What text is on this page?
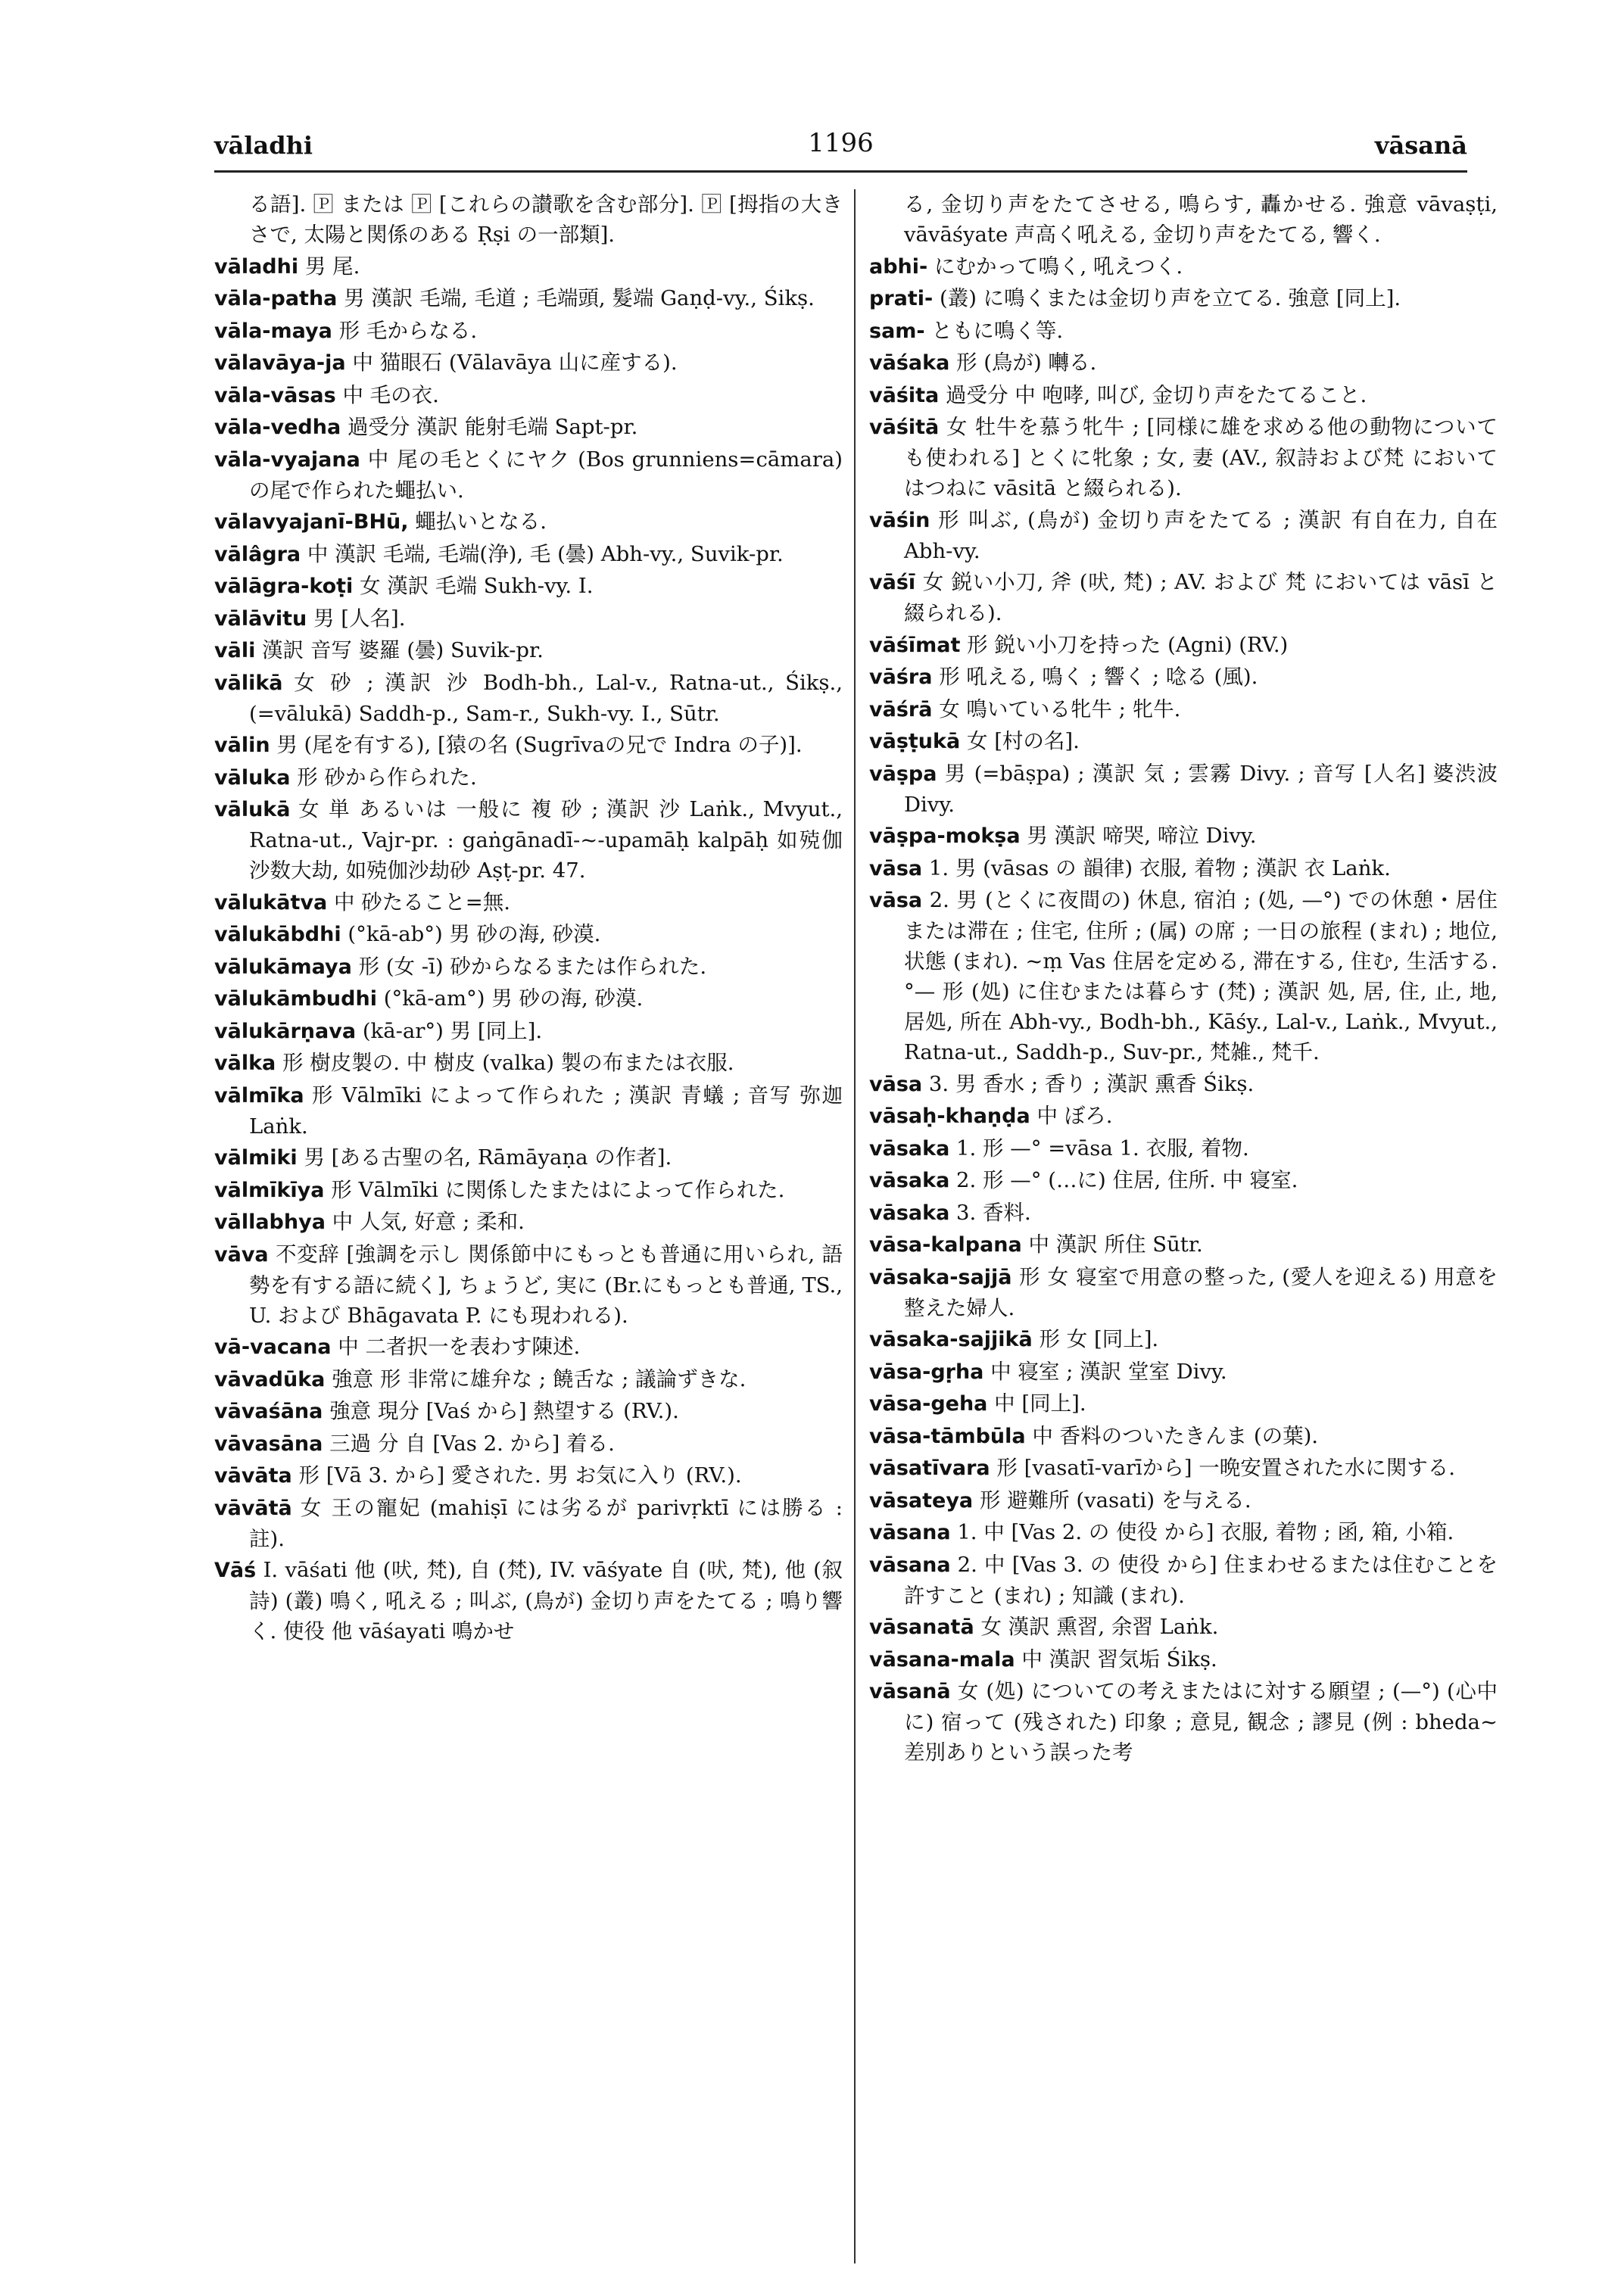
vāladhi	1196	vāsanā

る語]. 🄿 または 🄿 [これらの讃歌を含む部分]. 🄿 [拇指の大きさで, 太陽と関係のある Ṛṣi の一部類].

vāladhi 男 尾.

vāla-patha 男 漢訳 毛端, 毛道 ; 毛端頭, 髮端 Gaṇḍ-vy., Śikṣ.

vāla-maya 形 毛からなる.

vālavāya-ja 中 猫眼石 (Vālavāya 山に産する).

vāla-vāsas 中 毛の衣.

vāla-vedha 過受分 漢訳 能射毛端 Sapt-pr.

vāla-vyajana 中 尾の毛とくにヤク (Bos grunniens=cāmara) の尾で作られた蠅払い.

vālavyajanī-BHū, 蠅払いとなる.

vālâgra 中 漢訳 毛端, 毛端(浄), 毛 (曇) Abh-vy., Suvik-pr.

vālāgra-koṭi 女 漢訳 毛端 Sukh-vy. I.

vālāvitu 男 [人名].

vāli 漢訳 音写 婆羅 (曇) Suvik-pr.

vālikā 女 砂 ; 漢訳 沙 Bodh-bh., Lal-v., Ratna-ut., Śikṣ., (=vālukā) Saddh-p., Sam-r., Sukh-vy. I., Sūtr.

vālin 男 (尾を有する), [猿の名 (Sugrīvaの兄で Indra の子)].

vāluka 形 砂から作られた.

vālukā 女 単 あるいは 一般に 複 砂 ; 漢訳 沙 Laṅk., Mvyut., Ratna-ut., Vajr-pr. : gaṅgānadī-~-upamāḥ kalpāḥ 如殑伽沙数大劫, 如殑伽沙劫砂 Aṣṭ-pr. 47.

vālukātva 中 砂たること=無.

vālukābdhi (°kā-ab°) 男 砂の海, 砂漠.

vālukāmaya 形 (女 -ī) 砂からなるまたは作られた.

vālukāmbudhi (°kā-am°) 男 砂の海, 砂漠.

vālukārṇava (kā-ar°) 男 [同上].

vālka 形 樹皮製の. 中 樹皮 (valka) 製の布または衣服.

vālmīka 形 Vālmīki によって作られた ; 漢訳 青蟻 ; 音写 弥迦 Laṅk.

vālmiki 男 [ある古聖の名, Rāmāyaṇa の作者].

vālmīkīya 形 Vālmīki に関係したまたはによって作られた.

vāllabhya 中 人気, 好意 ; 柔和.

vāva 不変辞 [強調を示し 関係節中にもっとも普通に用いられ, 語勢を有する語に続く], ちょうど, 実に (Br.にもっとも普通, TS., U. および Bhāgavata P. にも現われる).

vā-vacana 中 二者択一を表わす陳述.

vāvadūka 強意 形 非常に雄弁な ; 饒舌な ; 議論ずきな.

vāvaśāna 強意 現分 [Vaś から] 熱望する (RV.).

vāvasāna 三過 分 自 [Vas 2. から] 着る.

vāvāta 形 [Vā 3. から] 愛された. 男 お気に入り (RV.).

vāvātā 女 王の寵妃 (mahiṣī には劣るが parivṛktī には勝る : 註).

Vāś I. vāśati 他 (吠, 梵), 自 (梵), IV. vāśyate 自 (吠, 梵), 他 (叙詩) (叢) 鳴く, 吼える ; 叫ぶ, (鳥が) 金切り声をたてる ; 鳴り響く. 使役 他 vāśayati 鳴かせ

る, 金切り声をたてさせる, 鳴らす, 轟かせる. 強意 vāvaṣṭi, vāvāśyate 声高く吼える, 金切り声をたてる, 響く.

abhi- にむかって鳴く, 吼えつく.

prati- (叢) に鳴くまたは金切り声を立てる. 強意 [同上].

sam- ともに鳴く等.

vāśaka 形 (鳥が) 囀る.

vāśita 過受分 中 咆哮, 叫び, 金切り声をたてること.

vāśitā 女 牡牛を慕う牝牛 ; [同様に雄を求める他の動物についても使われる] とくに牝象 ; 女, 妻 (AV., 叙詩および梵 においてはつねに vāsitā と綴られる).

vāśin 形 叫ぶ, (鳥が) 金切り声をたてる ; 漢訳 有自在力, 自在 Abh-vy.

vāśī 女 鋭い小刀, 斧 (吠, 梵) ; AV. および 梵 においては vāsī と綴られる).

vāśīmat 形 鋭い小刀を持った (Agni) (RV.)

vāśra 形 吼える, 鳴く ; 響く ; 唸る (風).

vāśrā 女 鳴いている牝牛 ; 牝牛.

vāṣṭukā 女 [村の名].

vāṣpa 男 (=bāṣpa) ; 漢訳 気 ; 雲霧 Divy. ; 音写 [人名] 婆渋波 Divy.

vāṣpa-mokṣa 男 漢訳 啼哭, 啼泣 Divy.

vāsa 1. 男 (vāsas の 韻律) 衣服, 着物 ; 漢訳 衣 Laṅk.

vāsa 2. 男 (とくに夜間の) 休息, 宿泊 ; (処, —°) での休憩・居住または滞在 ; 住宅, 住所 ; (属) の席 ; 一日の旅程 (まれ) ; 地位, 状態 (まれ). ~ṃ Vas 住居を定める, 滞在する, 住む, 生活する. °— 形 (処) に住むまたは暮らす (梵) ; 漢訳 処, 居, 住, 止, 地, 居処, 所在 Abh-vy., Bodh-bh., Kāśy., Lal-v., Laṅk., Mvyut., Ratna-ut., Saddh-p., Suv-pr., 梵雑., 梵千.

vāsa 3. 男 香水 ; 香り ; 漢訳 熏香 Śikṣ.

vāsaḥ-khaṇḍa 中 ぼろ.

vāsaka 1. 形 —° =vāsa 1. 衣服, 着物.

vāsaka 2. 形 —° (…に) 住居, 住所. 中 寝室.

vāsaka 3. 香料.

vāsa-kalpana 中 漢訳 所住 Sūtr.

vāsaka-sajjā 形 女 寝室で用意の整った, (愛人を迎える) 用意を整えた婦人.

vāsaka-sajjikā 形 女 [同上].

vāsa-gṛha 中 寝室 ; 漢訳 堂室 Divy.

vāsa-geha 中 [同上].

vāsa-tāmbūla 中 香料のついたきんま (の葉).

vāsatīvara 形 [vasatī-varīから] 一晩安置された水に関する.

vāsateya 形 避難所 (vasati) を与える.

vāsana 1. 中 [Vas 2. の 使役 から] 衣服, 着物 ; 函, 箱, 小箱.

vāsana 2. 中 [Vas 3. の 使役 から] 住まわせるまたは住むことを許すこと (まれ) ; 知識 (まれ).

vāsanatā 女 漢訳 熏習, 余習 Laṅk.

vāsana-mala 中 漢訳 習気垢 Śikṣ.

vāsanā 女 (処) についての考えまたはに対する願望 ; (—°) (心中に) 宿って (残された) 印象 ; 意見, 観念 ; 謬見 (例 : bheda~ 差別ありという誤った考
